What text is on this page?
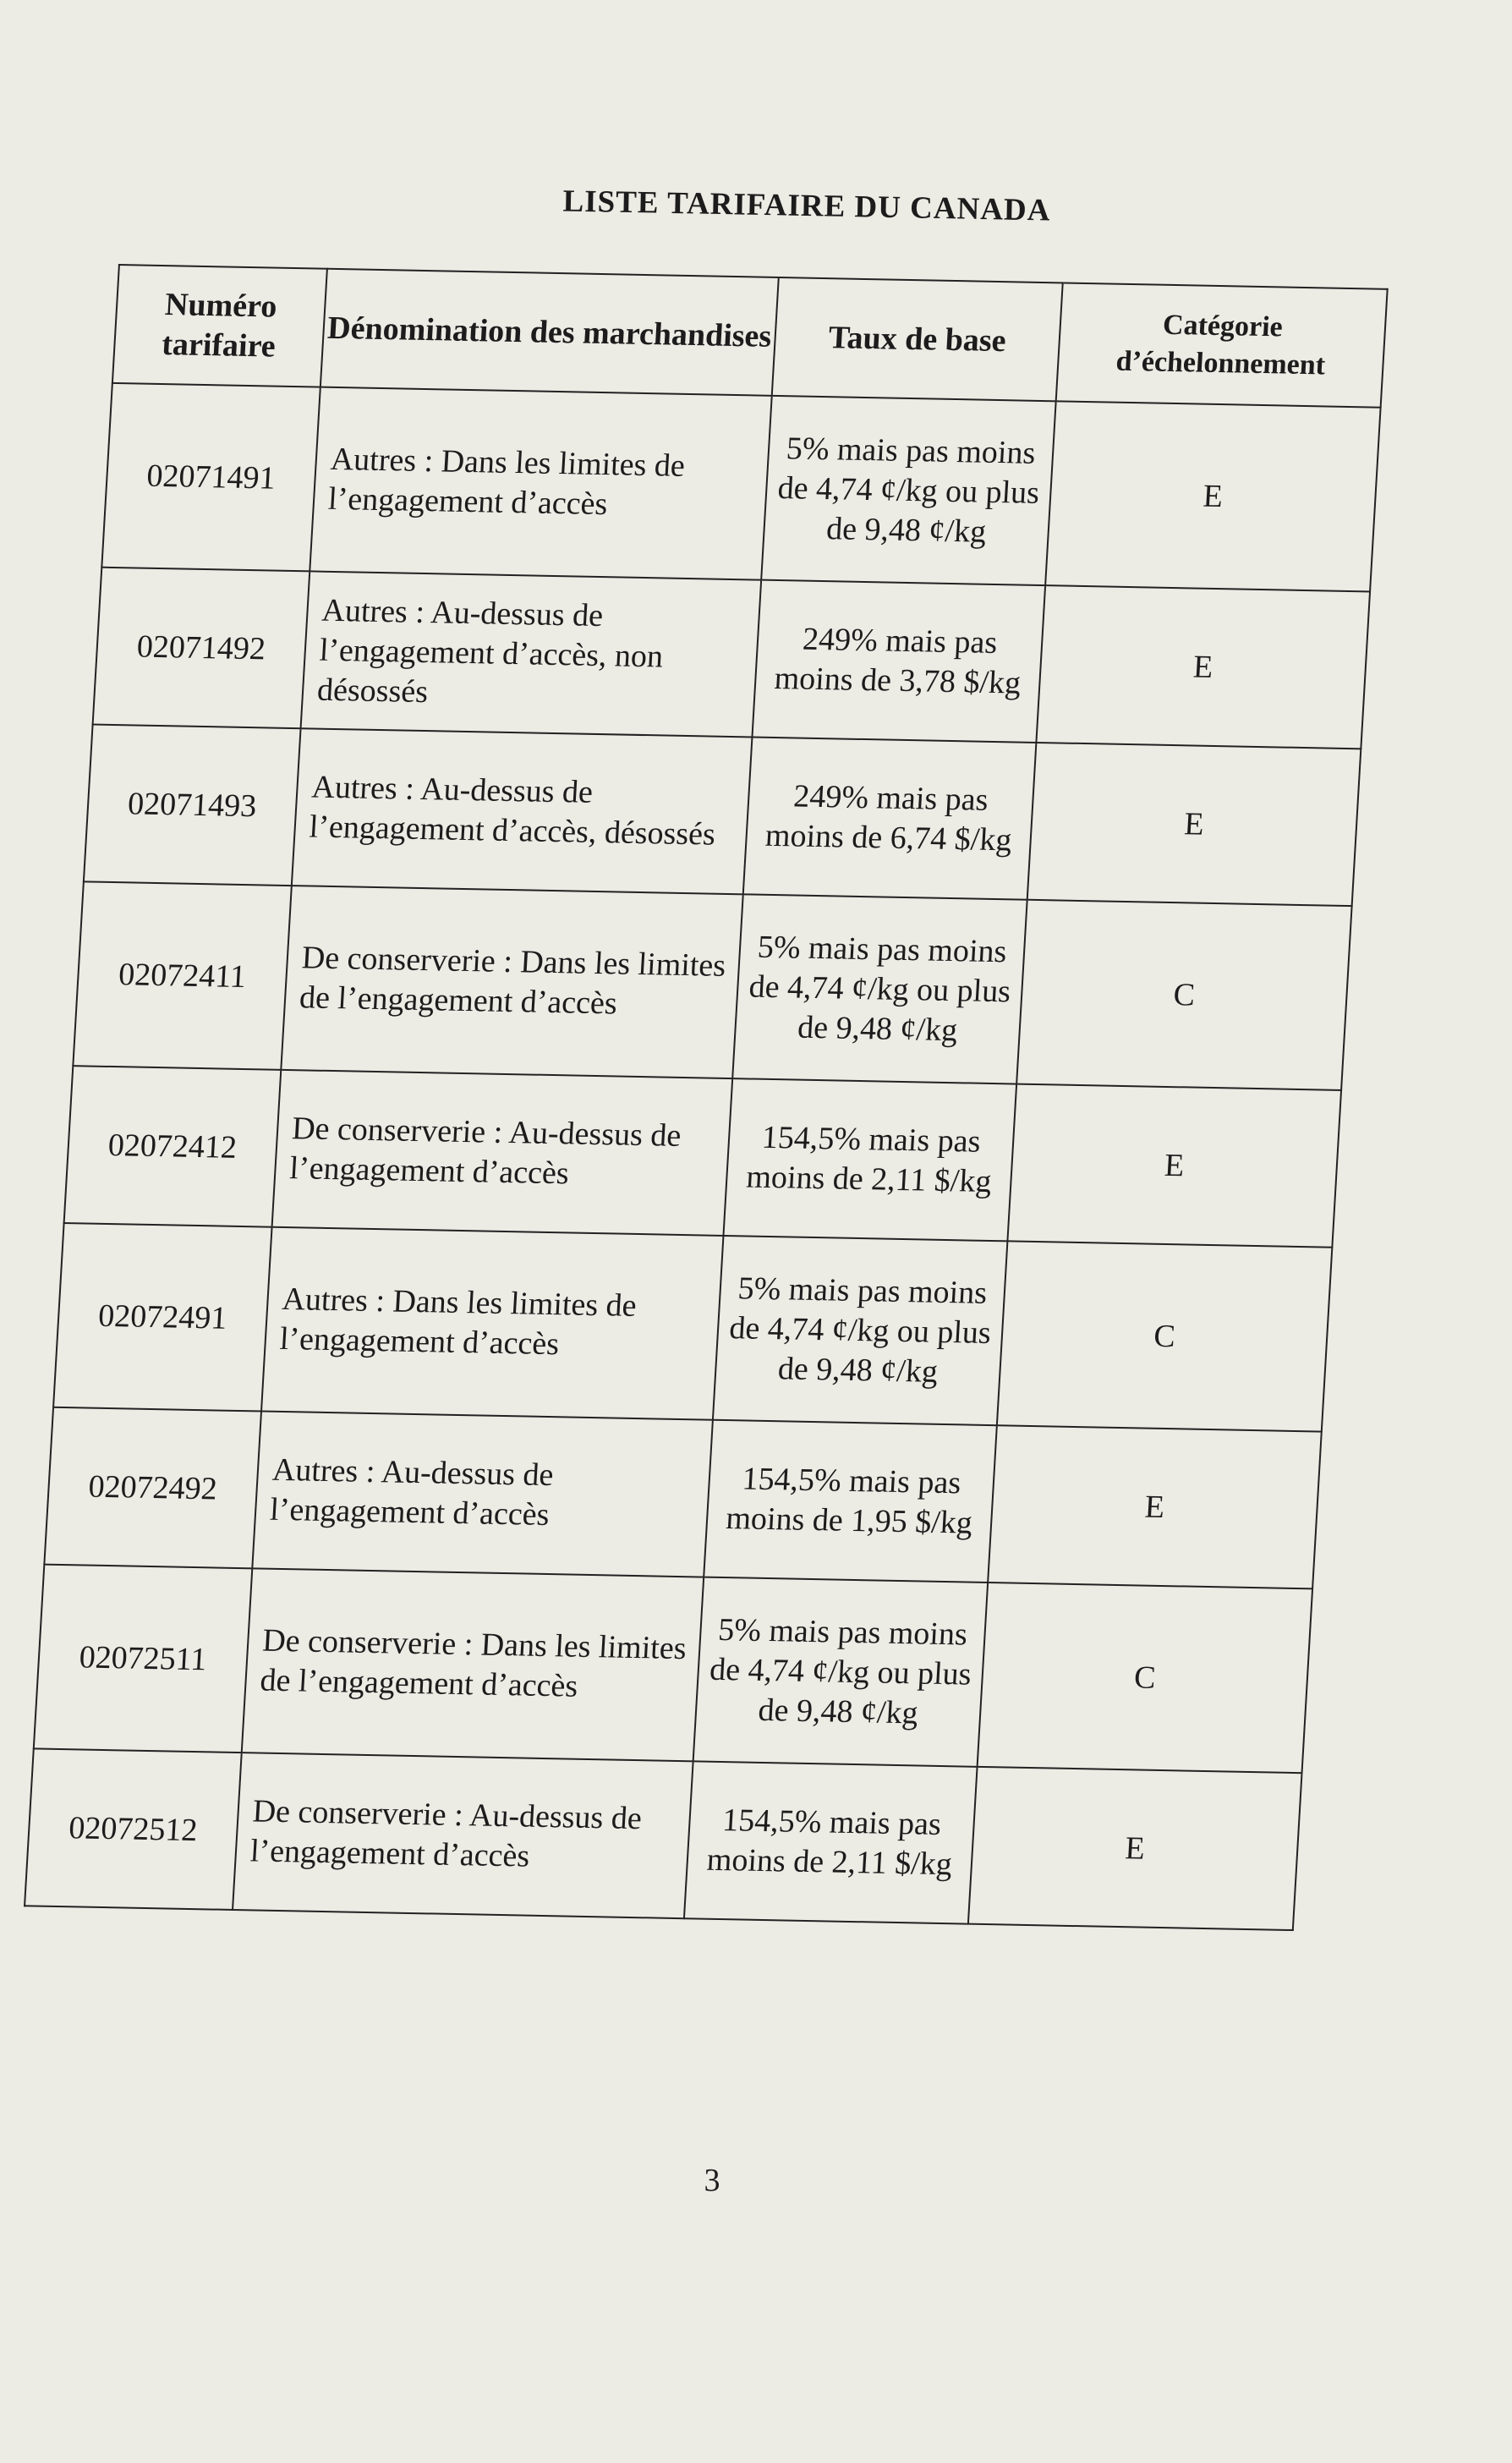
LISTE TARIFAIRE DU CANADA
Numéro tarifaire	Dénomination des marchandises	Taux de base	Catégorie d’échelonnement
02071491	Autres : Dans les limites de l’engagement d’accès	5% mais pas moins de 4,74 ¢/kg ou plus de 9,48 ¢/kg	E
02071492	Autres : Au-dessus de l’engagement d’accès, non désossés	249% mais pas moins de 3,78 $/kg	E
02071493	Autres : Au-dessus de l’engagement d’accès, désossés	249% mais pas moins de 6,74 $/kg	E
02072411	De conserverie : Dans les limites de l’engagement d’accès	5% mais pas moins de 4,74 ¢/kg ou plus de 9,48 ¢/kg	C
02072412	De conserverie : Au-dessus de l’engagement d’accès	154,5% mais pas moins de 2,11 $/kg	E
02072491	Autres : Dans les limites de l’engagement d’accès	5% mais pas moins de 4,74 ¢/kg ou plus de 9,48 ¢/kg	C
02072492	Autres : Au-dessus de l’engagement d’accès	154,5% mais pas moins de 1,95 $/kg	E
02072511	De conserverie : Dans les limites de l’engagement d’accès	5% mais pas moins de 4,74 ¢/kg ou plus de 9,48 ¢/kg	C
02072512	De conserverie : Au-dessus de l’engagement d’accès	154,5% mais pas moins de 2,11 $/kg	E
3
